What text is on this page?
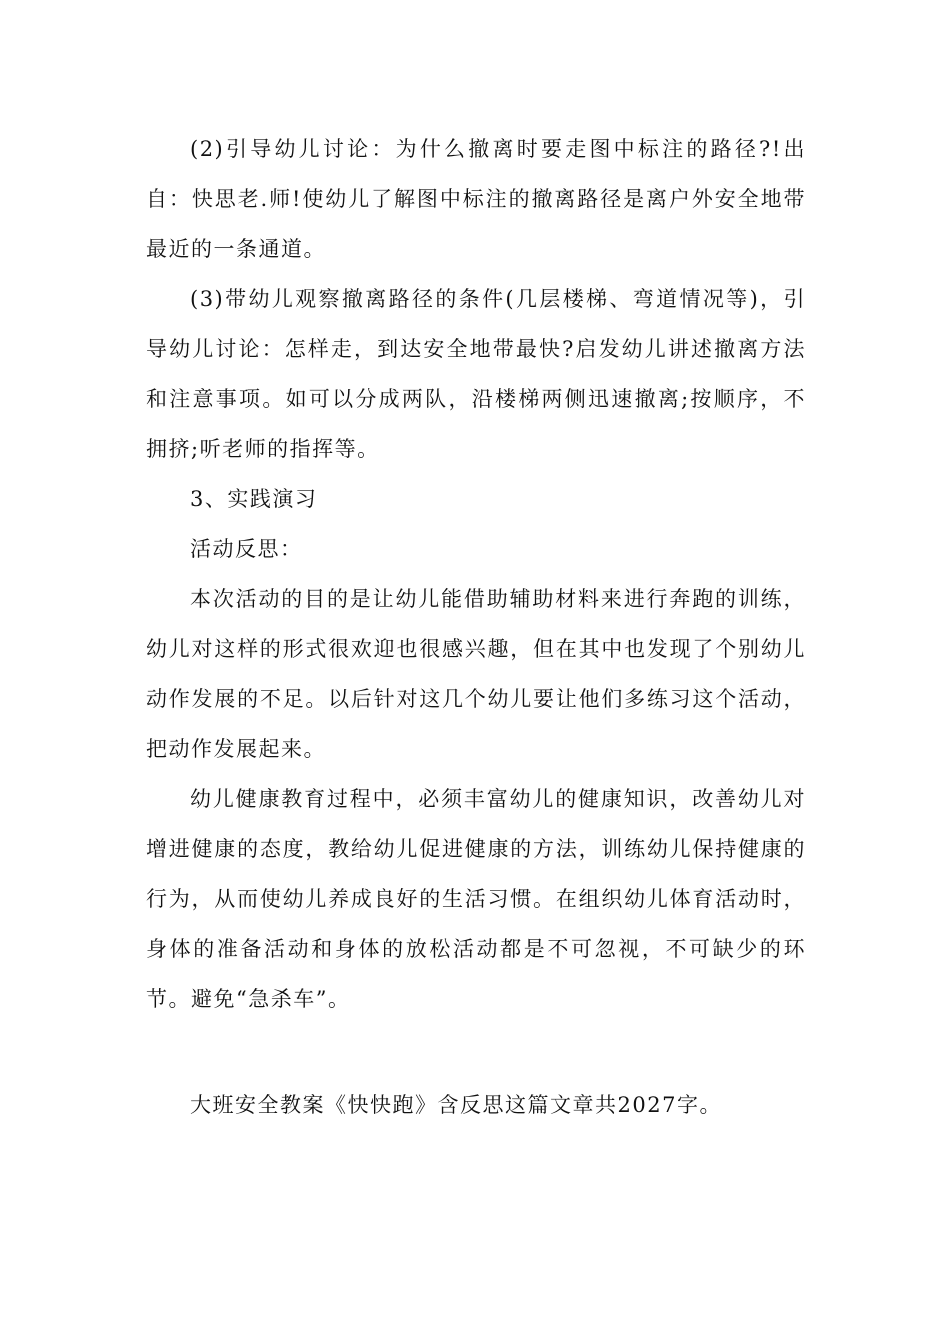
(2)引导幼儿讨论：为什么撤离时要走图中标注的路径?!出自：快思老.师!使幼儿了解图中标注的撤离路径是离户外安全地带最近的一条通道。

(3)带幼儿观察撤离路径的条件(几层楼梯、弯道情况等)，引导幼儿讨论：怎样走，到达安全地带最快?启发幼儿讲述撤离方法和注意事项。如可以分成两队，沿楼梯两侧迅速撤离;按顺序，不拥挤;听老师的指挥等。

3、实践演习

活动反思：

本次活动的目的是让幼儿能借助辅助材料来进行奔跑的训练，幼儿对这样的形式很欢迎也很感兴趣，但在其中也发现了个别幼儿动作发展的不足。以后针对这几个幼儿要让他们多练习这个活动，把动作发展起来。

幼儿健康教育过程中，必须丰富幼儿的健康知识，改善幼儿对增进健康的态度，教给幼儿促进健康的方法，训练幼儿保持健康的行为，从而使幼儿养成良好的生活习惯。在组织幼儿体育活动时，身体的准备活动和身体的放松活动都是不可忽视，不可缺少的环节。避免“急杀车”。

大班安全教案《快快跑》含反思这篇文章共2027字。
